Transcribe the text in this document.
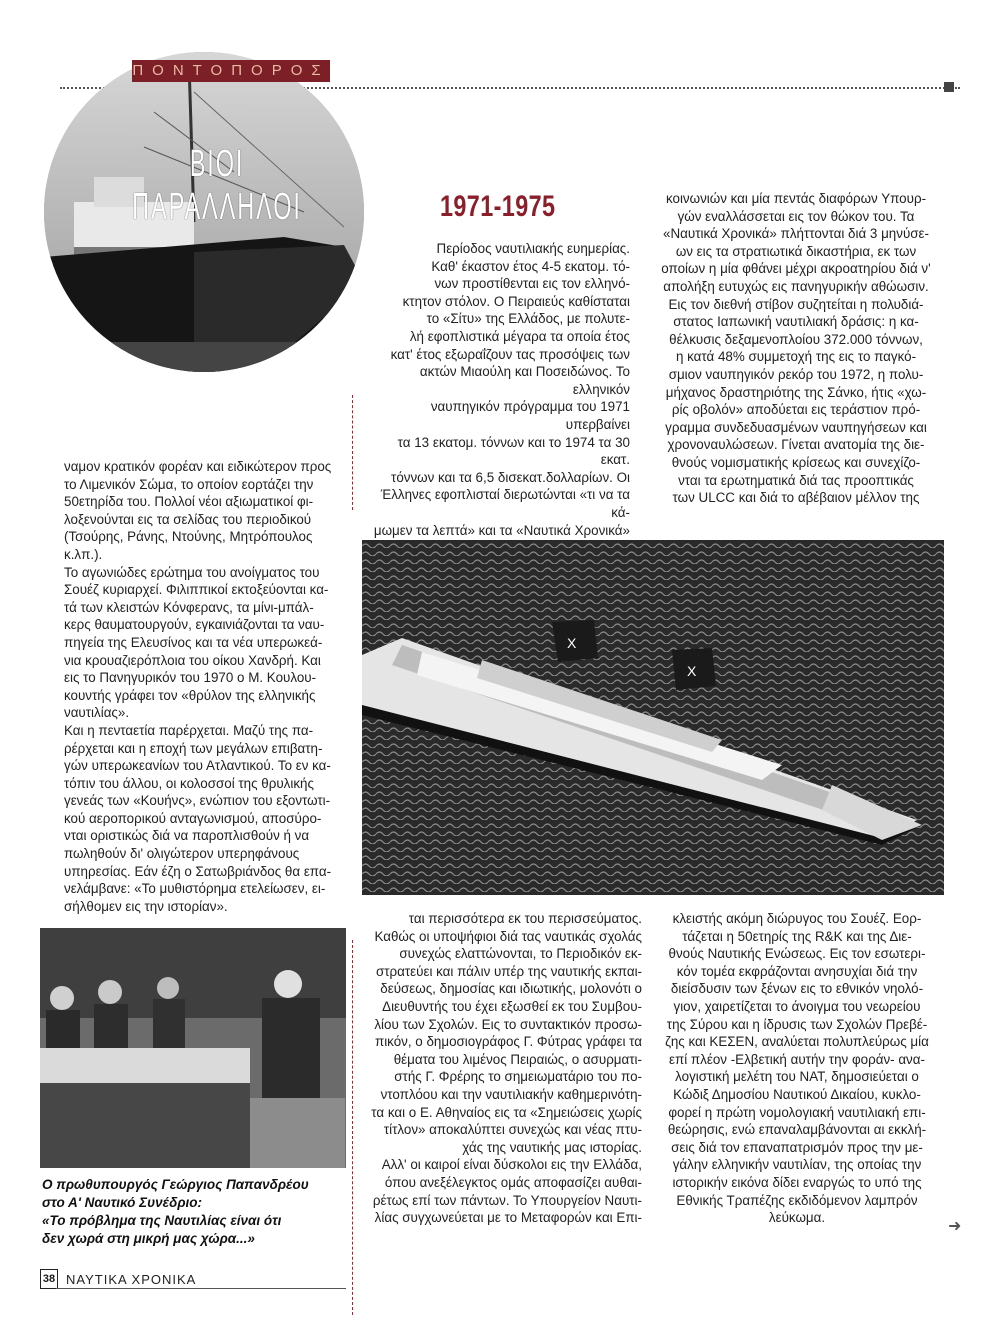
ΠΟΝΤΟΠΟΡΟΣ
ΒΙΟΙ ΠΑΡΑΛΛΗΛΟΙ	1971-1975

Περίοδος ναυτιλιακής ευημερίας.

Καθ' έκαστον έτος 4-5 εκατομ. τό-

νων προστίθενται εις τον ελληνό-

κτητον στόλον. Ο Πειραιεύς καθίσταται

το «Σίτυ» της Ελλάδος, με πολυτε-

λή εφοπλιστικά μέγαρα τα οποία έτος

κατ' έτος εξωραΐζουν τας προσόψεις των

ακτών Μιαούλη και Ποσειδώνος. Το ελληνικόν

ναυπηγικόν πρόγραμμα του 1971 υπερβαίνει

τα 13 εκατομ. τόννων και το 1974 τα 30 εκατ.

τόννων και τα 6,5 δισεκατ.δολλαρίων. Οι

Έλληνες εφοπλισταί διερωτώνται «τι να τα κά-

μωμεν τα λεπτά» και τα «Ναυτικά Χρονικά»

κοινωνιών και μία πεντάς διαφόρων Υπουρ-

γών εναλλάσσεται εις τον θώκον του. Τα

«Ναυτικά Χρονικά» πλήττονται διά 3 μηνύσε-

ων εις τα στρατιωτικά δικαστήρια, εκ των

οποίων η μία φθάνει μέχρι ακροατηρίου διά ν'

απολήξη ευτυχώς εις πανηγυρικήν αθώωσιν.

Εις τον διεθνή στίβον συζητείται η πολυδιά-

στατος Ιαπωνική ναυτιλιακή δράσις: η κα-

θέλκυσις δεξαμενοπλοίου 372.000 τόννων,

η κατά 48% συμμετοχή της εις το παγκό-

σμιον ναυπηγικόν ρεκόρ του 1972, η πολυ-

μήχανος δραστηριότης της Σάνκο, ήτις «χω-

ρίς οβολόν» αποδύεται εις τεράστιον πρό-

γραμμα συνδεδυασμένων ναυπηγήσεων και

χρονοναυλώσεων. Γίνεται ανατομία της διε-

θνούς νομισματικής κρίσεως και συνεχίζο-

νται τα ερωτηματικά διά τας προοπτικάς

των ULCC και διά το αβέβαιον μέλλον της

ναμον κρατικόν φορέαν και ειδικώτερον προς

το Λιμενικόν Σώμα, το οποίον εορτάζει την

50ετηρίδα του. Πολλοί νέοι αξιωματικοί φι-

λοξενούνται εις τα σελίδας του περιοδικού

(Τσούρης, Ράνης, Ντούνης, Μητρόπουλος

κ.λπ.).

Το αγωνιώδες ερώτημα του ανοίγματος του

Σουέζ κυριαρχεί. Φιλιππικοί εκτοξεύονται κα-

τά των κλειστών Κόνφερανς, τα μίνι-μπάλ-

κερς θαυματουργούν, εγκαινιάζονται τα ναυ-

πηγεία της Ελευσίνος και τα νέα υπερωκεά-

νια κρουαζιερόπλοια του οίκου Χανδρή. Και

εις το Πανηγυρικόν του 1970 ο Μ. Κουλου-

κουντής γράφει τον «θρύλον της ελληνικής

ναυτιλίας».

Και η πενταετία παρέρχεται. Μαζύ της πα-

ρέρχεται και η εποχή των μεγάλων επιβατη-

γών υπερωκεανίων του Ατλαντικού. Το εν κα-

τόπιν του άλλου, οι κολοσσοί της θρυλικής

γενεάς των «Κουήνς», ενώπιον του εξοντωτι-

κού αεροπορικού ανταγωνισμού, αποσύρο-

νται οριστικώς διά να παροπλισθούν ή να

πωληθούν δι' ολιγώτερον υπερηφάνους

υπηρεσίας. Εάν έζη ο Σατωβριάνδος θα επα-

νελάμβανε: «Το μυθιστόρημα ετελείωσεν, ει-

σήλθομεν εις την ιστορίαν».

X
X
Ο πρωθυπουργός Γεώργιος Παπανδρέου
στο Α' Ναυτικό Συνέδριο:
«Το πρόβλημα της Ναυτιλίας είναι ότι
δεν χωρά στη μικρή μας χώρα...»

ται περισσότερα εκ του περισσεύματος.

Καθώς οι υποψήφιοι διά τας ναυτικάς σχολάς

συνεχώς ελαττώνονται, το Περιοδικόν εκ-

στρατεύει και πάλιν υπέρ της ναυτικής εκπαι-

δεύσεως, δημοσίας και ιδιωτικής, μολονότι ο

Διευθυντής του έχει εξωσθεί εκ του Συμβου-

λίου των Σχολών. Εις το συντακτικόν προσω-

πικόν, ο δημοσιογράφος Γ. Φύτρας γράφει τα

θέματα του λιμένος Πειραιώς, ο ασυρματι-

στής Γ. Φρέρης το σημειωματάριο του πο-

ντοπλόου και την ναυτιλιακήν καθημερινότη-

τα και ο Ε. Αθηναίος εις τα «Σημειώσεις χωρίς

τίτλον» αποκαλύπτει συνεχώς και νέας πτυ-

χάς της ναυτικής μας ιστορίας.

Αλλ' οι καιροί είναι δύσκολοι εις την Ελλάδα,

όπου ανεξέλεγκτος ομάς αποφασίζει αυθαι-

ρέτως επί των πάντων. Το Υπουργείον Ναυτι-

λίας συγχωνεύεται με το Μεταφορών και Επι-

κλειστής ακόμη διώρυγος του Σουέζ. Εορ-

τάζεται η 50ετηρίς της R&K και της Διε-

θνούς Ναυτικής Ενώσεως. Εις τον εσωτερι-

κόν τομέα εκφράζονται ανησυχίαι διά την

διείσδυσιν των ξένων εις το εθνικόν νηολό-

γιον, χαιρετίζεται το άνοιγμα του νεωρείου

της Σύρου και η ίδρυσις των Σχολών Πρεβέ-

ζης και ΚΕΣΕΝ, αναλύεται πολυπλεύρως μία

επί πλέον -Ελβετική αυτήν την φοράν- ανα-

λογιστική μελέτη του ΝΑΤ, δημοσιεύεται ο

Κώδιξ Δημοσίου Ναυτικού Δικαίου, κυκλο-

φορεί η πρώτη νομολογιακή ναυτιλιακή επι-

θεώρησις, ενώ επαναλαμβάνονται αι εκκλή-

σεις διά τον επαναπατρισμόν προς την με-

γάλην ελληνικήν ναυτιλίαν, της οποίας την

ιστορικήν εικόνα δίδει εναργώς το υπό της

Εθνικής Τραπέζης εκδιδόμενον λαμπρόν

λεύκωμα.

➜
38 ΝΑΥΤΙΚΑ ΧΡΟΝΙΚΑ
